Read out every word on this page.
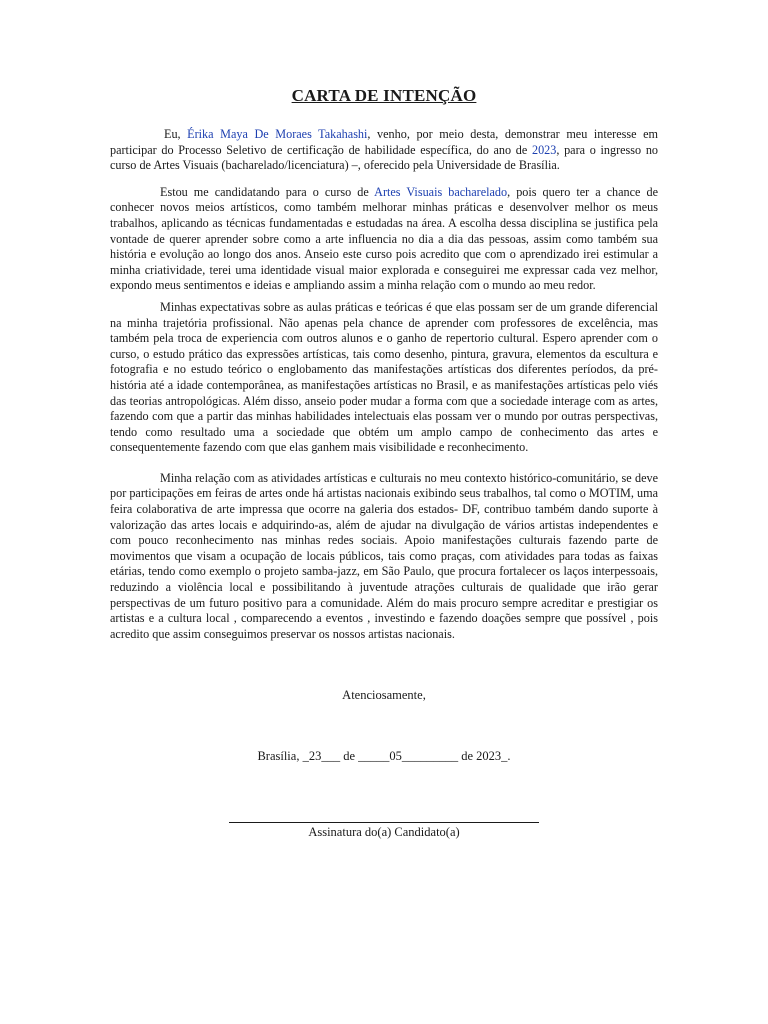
CARTA DE INTENÇÃO

Eu, Érika Maya De Moraes Takahashi, venho, por meio desta, demonstrar meu interesse em participar do Processo Seletivo de certificação de habilidade específica, do ano de 2023, para o ingresso no curso de Artes Visuais (bacharelado/licenciatura) –, oferecido pela Universidade de Brasília.

Estou me candidatando para o curso de Artes Visuais bacharelado, pois quero ter a chance de conhecer novos meios artísticos, como também melhorar minhas práticas e desenvolver melhor os meus trabalhos, aplicando as técnicas fundamentadas e estudadas na área. A escolha dessa disciplina se justifica pela vontade de querer aprender sobre como a arte influencia no dia a dia das pessoas, assim como também sua história e evolução ao longo dos anos. Anseio este curso pois acredito que com o aprendizado irei estimular a minha criatividade, terei uma identidade visual maior explorada e conseguirei me expressar cada vez melhor, expondo meus sentimentos e ideias e ampliando assim a minha relação com o mundo ao meu redor.

Minhas expectativas sobre as aulas práticas e teóricas é que elas possam ser de um grande diferencial na minha trajetória profissional. Não apenas pela chance de aprender com professores de excelência, mas também pela troca de experiencia com outros alunos e o ganho de repertorio cultural. Espero aprender com o curso, o estudo prático das expressões artísticas, tais como desenho, pintura, gravura, elementos da escultura e fotografia e no estudo teórico o englobamento das manifestações artísticas dos diferentes períodos, da pré-história até a idade contemporânea, as manifestações artísticas no Brasil, e as manifestações artísticas pelo viés das teorias antropológicas. Além disso, anseio poder mudar a forma com que a sociedade interage com as artes, fazendo com que a partir das minhas habilidades intelectuais elas possam ver o mundo por outras perspectivas, tendo como resultado uma a sociedade que obtém um amplo campo de conhecimento das artes e consequentemente fazendo com que elas ganhem mais visibilidade e reconhecimento.

Minha relação com as atividades artísticas e culturais no meu contexto histórico-comunitário, se deve por participações em feiras de artes onde há artistas nacionais exibindo seus trabalhos, tal como o MOTIM, uma feira colaborativa de arte impressa que ocorre na galeria dos estados- DF, contribuo também dando suporte à valorização das artes locais e adquirindo-as, além de ajudar na divulgação de vários artistas independentes e com pouco reconhecimento nas minhas redes sociais. Apoio manifestações culturais fazendo parte de movimentos que visam a ocupação de locais públicos, tais como praças, com atividades para todas as faixas etárias, tendo como exemplo o projeto samba-jazz, em São Paulo, que procura fortalecer os laços interpessoais, reduzindo a violência local e possibilitando à juventude atrações culturais de qualidade que irão gerar perspectivas de um futuro positivo para a comunidade. Além do mais procuro sempre acreditar e prestigiar os artistas e a cultura local , comparecendo a eventos , investindo e fazendo doações sempre que possível , pois acredito que assim conseguimos preservar os nossos artistas nacionais.

Atenciosamente,
Brasília, _23___ de _____05_________ de 2023_.
Assinatura do(a) Candidato(a)
